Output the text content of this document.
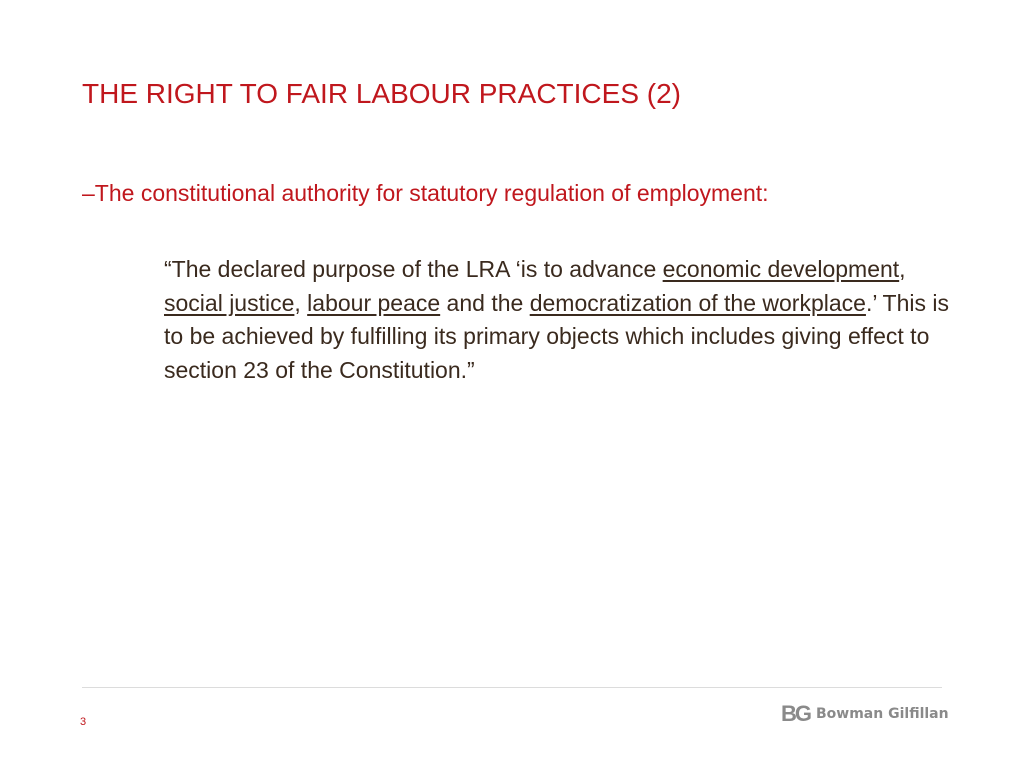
THE RIGHT TO FAIR LABOUR PRACTICES (2)
–The constitutional authority for statutory regulation of employment:
“The declared purpose of the LRA ‘is to advance economic development, social justice, labour peace and the democratization of the workplace.’ This is to be achieved by fulfilling its primary objects which includes giving effect to section 23 of the Constitution.”
3	BG Bowman Gilfillan
